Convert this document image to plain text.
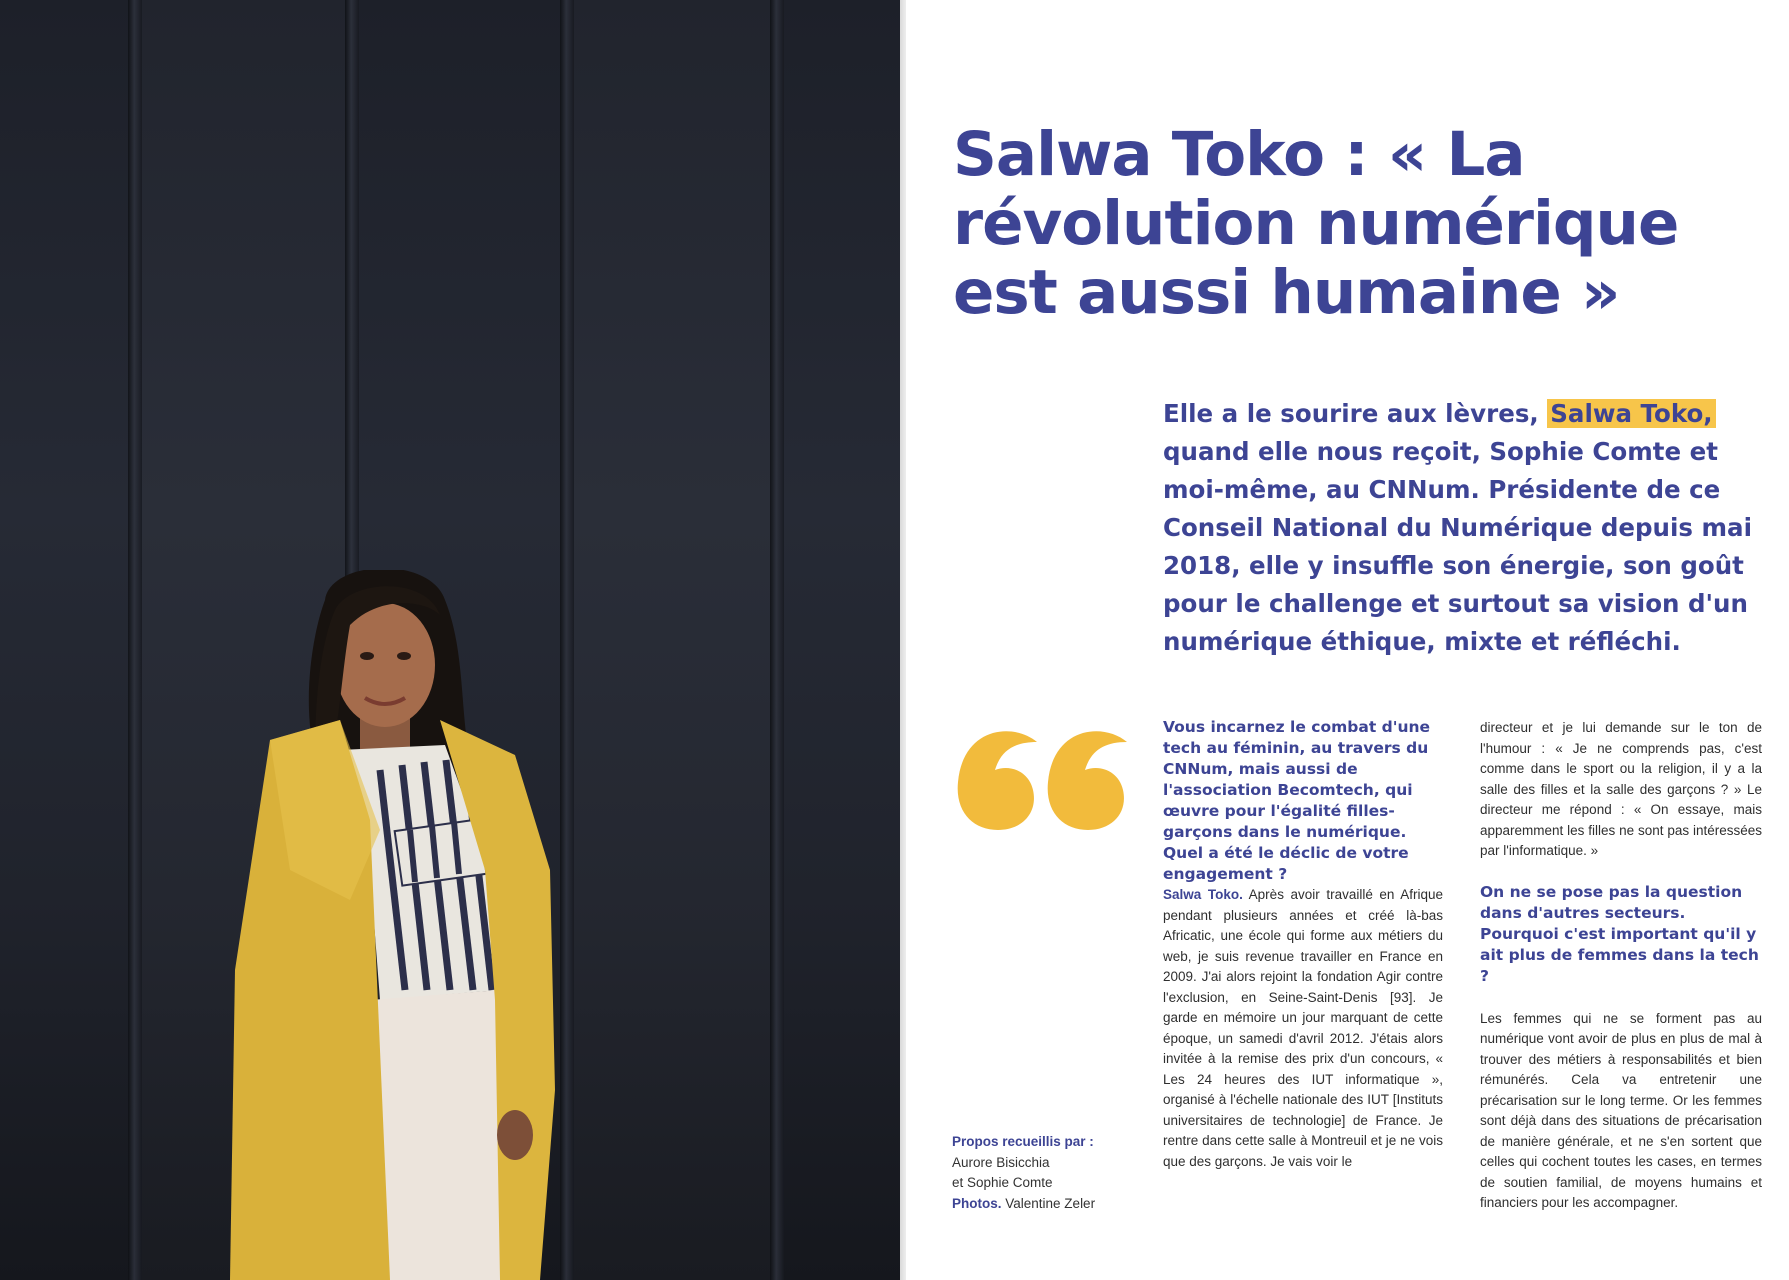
Salwa Toko : « La
révolution numérique
est aussi humaine »
Elle a le sourire aux lèvres, Salwa Toko, quand elle nous reçoit, Sophie Comte et moi-même, au CNNum. Présidente de ce Conseil National du Numérique depuis mai 2018, elle y insuffle son énergie, son goût pour le challenge et surtout sa vision d'un numérique éthique, mixte et réfléchi.
Propos recueillis par :
Aurore Bisicchia
et Sophie Comte
Photos. Valentine Zeler

Vous incarnez le combat d'une tech au féminin, au travers du CNNum, mais aussi de l'association Becomtech, qui œuvre pour l'égalité filles-garçons dans le numérique. Quel a été le déclic de votre engagement ?

Salwa Toko. Après avoir travaillé en Afrique pendant plusieurs années et créé là-bas Africatic, une école qui forme aux métiers du web, je suis revenue travailler en France en 2009. J'ai alors rejoint la fondation Agir contre l'exclusion, en Seine-Saint-Denis [93]. Je garde en mémoire un jour marquant de cette époque, un samedi d'avril 2012. J'étais alors invitée à la remise des prix d'un concours, « Les 24 heures des IUT informatique », organisé à l'échelle nationale des IUT [Instituts universitaires de technologie] de France. Je rentre dans cette salle à Montreuil et je ne vois que des garçons. Je vais voir le

directeur et je lui demande sur le ton de l'humour : « Je ne comprends pas, c'est comme dans le sport ou la religion, il y a la salle des filles et la salle des garçons ? » Le directeur me répond : « On essaye, mais apparemment les filles ne sont pas intéressées par l'informatique. »

On ne se pose pas la question dans d'autres secteurs. Pourquoi c'est important qu'il y ait plus de femmes dans la tech ?

Les femmes qui ne se forment pas au numérique vont avoir de plus en plus de mal à trouver des métiers à responsabilités et bien rémunérés. Cela va entretenir une précarisation sur le long terme. Or les femmes sont déjà dans des situations de précarisation de manière générale, et ne s'en sortent que celles qui cochent toutes les cases, en termes de soutien familial, de moyens humains et financiers pour les accompagner.
